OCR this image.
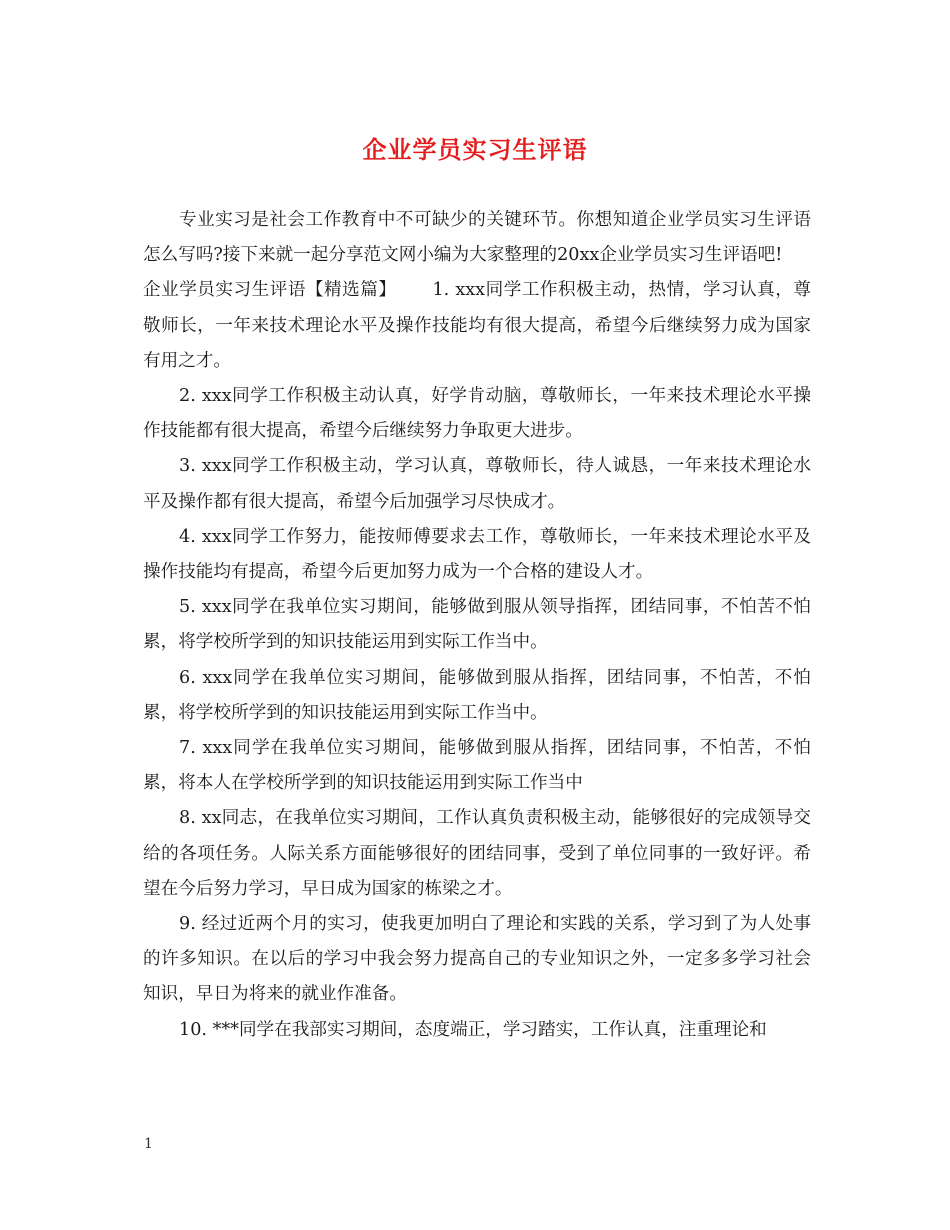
企业学员实习生评语

专业实习是社会工作教育中不可缺少的关键环节。你想知道企业学员实习生评语怎么写吗?接下来就一起分享范文网小编为大家整理的20xx企业学员实习生评语吧!

企业学员实习生评语【精选篇】 1. xxx同学工作积极主动，热情，学习认真，尊敬师长，一年来技术理论水平及操作技能均有很大提高，希望今后继续努力成为国家有用之才。

2. xxx同学工作积极主动认真，好学肯动脑，尊敬师长，一年来技术理论水平操作技能都有很大提高，希望今后继续努力争取更大进步。

3. xxx同学工作积极主动，学习认真，尊敬师长，待人诚恳，一年来技术理论水平及操作都有很大提高，希望今后加强学习尽快成才。

4. xxx同学工作努力，能按师傅要求去工作，尊敬师长，一年来技术理论水平及操作技能均有提高，希望今后更加努力成为一个合格的建设人才。

5. xxx同学在我单位实习期间，能够做到服从领导指挥，团结同事，不怕苦不怕累，将学校所学到的知识技能运用到实际工作当中。

6. xxx同学在我单位实习期间，能够做到服从指挥，团结同事，不怕苦，不怕累，将学校所学到的知识技能运用到实际工作当中。

7. xxx同学在我单位实习期间，能够做到服从指挥，团结同事，不怕苦，不怕累，将本人在学校所学到的知识技能运用到实际工作当中

8. xx同志，在我单位实习期间，工作认真负责积极主动，能够很好的完成领导交给的各项任务。人际关系方面能够很好的团结同事，受到了单位同事的一致好评。希望在今后努力学习，早日成为国家的栋梁之才。

9. 经过近两个月的实习，使我更加明白了理论和实践的关系，学习到了为人处事的许多知识。在以后的学习中我会努力提高自己的专业知识之外，一定多多学习社会知识，早日为将来的就业作准备。

10. ***同学在我部实习期间，态度端正，学习踏实，工作认真，注重理论和

1
